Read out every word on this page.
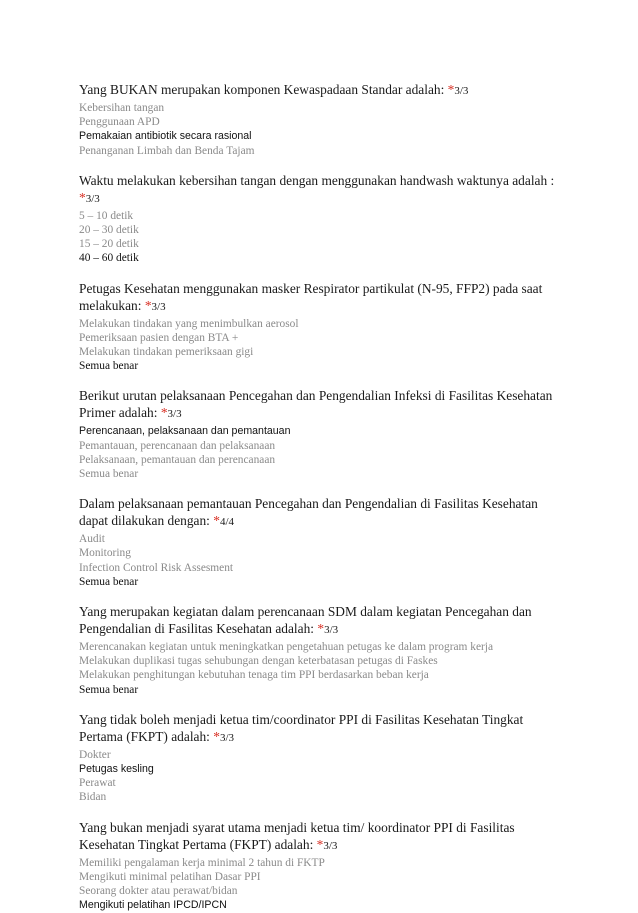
Yang BUKAN merupakan komponen Kewaspadaan Standar adalah: *3/3
Kebersihan tangan
Penggunaan APD
Pemakaian antibiotik secara rasional
Penanganan Limbah dan Benda Tajam
Waktu melakukan kebersihan tangan dengan menggunakan handwash waktunya adalah : *3/3
5 – 10 detik
20 – 30 detik
15 – 20 detik
40 – 60 detik
Petugas Kesehatan menggunakan masker Respirator partikulat (N-95, FFP2) pada saat melakukan: *3/3
Melakukan tindakan yang menimbulkan aerosol
Pemeriksaan pasien dengan BTA +
Melakukan tindakan pemeriksaan gigi
Semua benar
Berikut urutan pelaksanaan Pencegahan dan Pengendalian Infeksi di Fasilitas Kesehatan Primer adalah: *3/3
Perencanaan, pelaksanaan dan pemantauan
Pemantauan, perencanaan dan pelaksanaan
Pelaksanaan, pemantauan dan perencanaan
Semua benar
Dalam pelaksanaan pemantauan Pencegahan dan Pengendalian di Fasilitas Kesehatan dapat dilakukan dengan: *4/4
Audit
Monitoring
Infection Control Risk Assesment
Semua benar
Yang merupakan kegiatan dalam perencanaan SDM dalam kegiatan Pencegahan dan Pengendalian di Fasilitas Kesehatan adalah: *3/3
Merencanakan kegiatan untuk meningkatkan pengetahuan petugas ke dalam program kerja
Melakukan duplikasi tugas sehubungan dengan keterbatasan petugas di Faskes
Melakukan penghitungan kebutuhan tenaga tim PPI berdasarkan beban kerja
Semua benar
Yang tidak boleh menjadi ketua tim/coordinator PPI di Fasilitas Kesehatan Tingkat Pertama (FKPT) adalah: *3/3
Dokter
Petugas kesling
Perawat
Bidan
Yang bukan menjadi syarat utama menjadi ketua tim/ koordinator PPI di Fasilitas Kesehatan Tingkat Pertama (FKPT) adalah: *3/3
Memiliki pengalaman kerja minimal 2 tahun di FKTP
Mengikuti minimal pelatihan Dasar PPI
Seorang dokter atau perawat/bidan
Mengikuti pelatihan IPCD/IPCN
